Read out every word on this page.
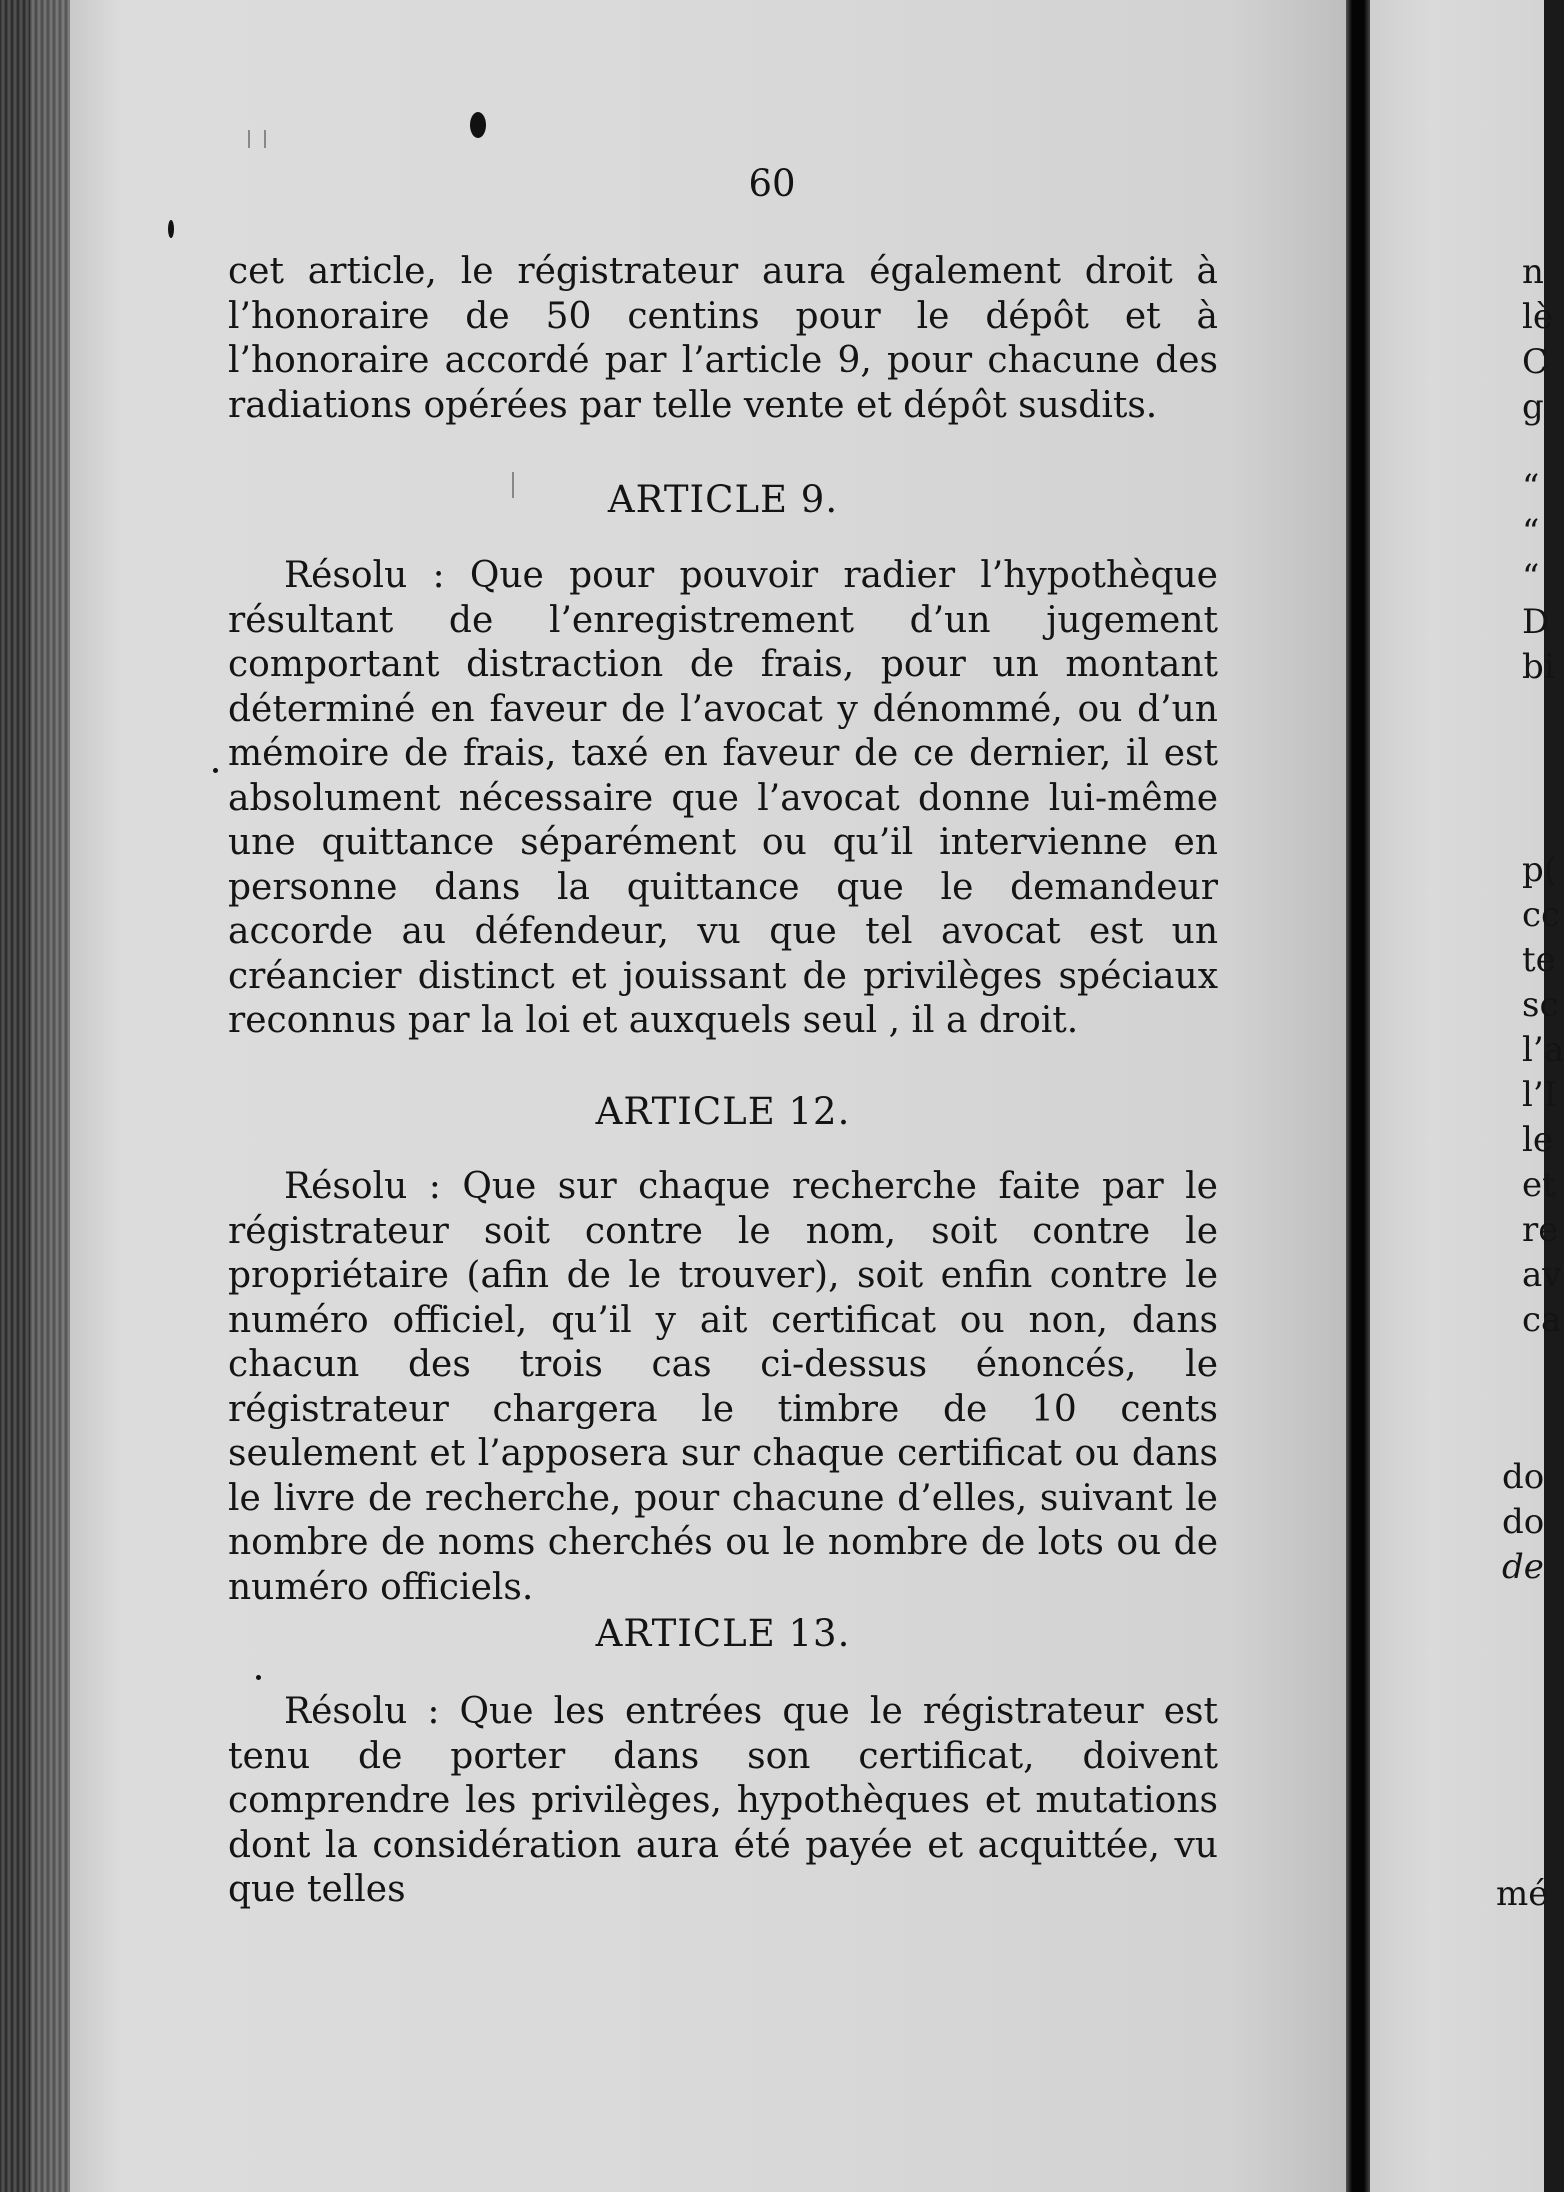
60
cet article, le régistrateur aura également droit à l’honoraire de 50 centins pour le dépôt et à l’honoraire accordé par l’article 9, pour chacune des radiations opérées par telle vente et dépôt susdits.
ARTICLE 9.
Résolu : Que pour pouvoir radier l’hypothèque résultant de l’enregistrement d’un jugement comportant distraction de frais, pour un montant déterminé en faveur de l’avocat y dénommé, ou d’un mémoire de frais, taxé en faveur de ce dernier, il est absolument nécessaire que l’avocat donne lui-même une quittance séparément ou qu’il intervienne en personne dans la quittance que le demandeur accorde au défendeur, vu que tel avocat est un créancier distinct et jouissant de privilèges spéciaux reconnus par la loi et auxquels seul , il a droit.
ARTICLE 12.
Résolu : Que sur chaque recherche faite par le régistrateur soit contre le nom, soit contre le propriétaire (afin de le trouver), soit enfin contre le numéro officiel, qu’il y ait certificat ou non, dans chacun des trois cas ci-dessus énoncés, le régistrateur chargera le timbre de 10 cents seulement et l’apposera sur chaque certificat ou dans le livre de recherche, pour chacune d’elles, suivant le nombre de noms cherchés ou le nombre de lots ou de numéro officiels.
ARTICLE 13.
Résolu : Que les entrées que le régistrateur est tenu de porter dans son certificat, doivent comprendre les privilèges, hypothèques et mutations dont la considération aura été payée et acquittée, vu que telles
n
lè
C
g
“
“
“
D
bi
p(
cc
te
sc
l’a
l’I
le
et
re
av
ca
do
do
de
mé
